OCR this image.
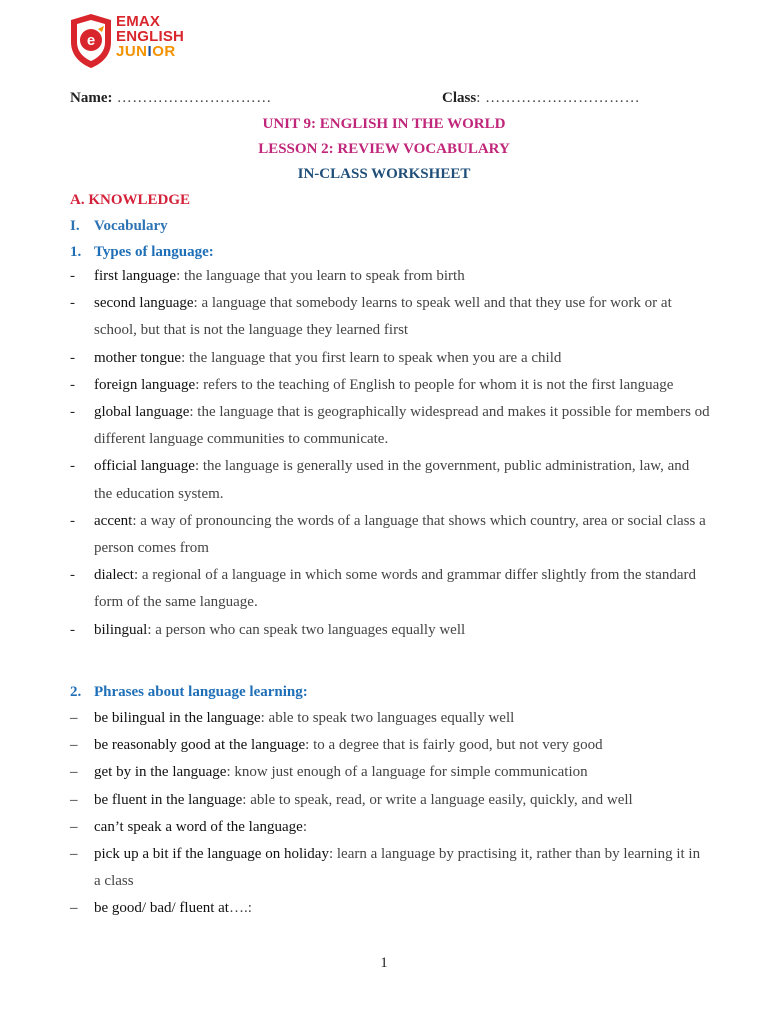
e
EMAX
ENGLISH
JUNIOR
Name: …………………………	Class: …………………………
UNIT 9: ENGLISH IN THE WORLD
LESSON 2: REVIEW VOCABULARY
IN-CLASS WORKSHEET
A. KNOWLEDGE
I. Vocabulary
1. Types of language:
- first language: the language that you learn to speak from birth
- second language: a language that somebody learns to speak well and that they use for work or at school, but that is not the language they learned first
- mother tongue: the language that you first learn to speak when you are a child
- foreign language: refers to the teaching of English to people for whom it is not the first language
- global language: the language that is geographically widespread and makes it possible for members od different language communities to communicate.
- official language: the language is generally used in the government, public administration, law, and the education system.
- accent: a way of pronouncing the words of a language that shows which country, area or social class a person comes from
- dialect: a regional of a language in which some words and grammar differ slightly from the standard form of the same language.
- bilingual: a person who can speak two languages equally well
2. Phrases about language learning:
– be bilingual in the language: able to speak two languages equally well
– be reasonably good at the language: to a degree that is fairly good, but not very good
– get by in the language: know just enough of a language for simple communication
– be fluent in the language: able to speak, read, or write a language easily, quickly, and well
– can’t speak a word of the language:
– pick up a bit if the language on holiday: learn a language by practising it, rather than by learning it in a class
– be good/ bad/ fluent at….:
1
